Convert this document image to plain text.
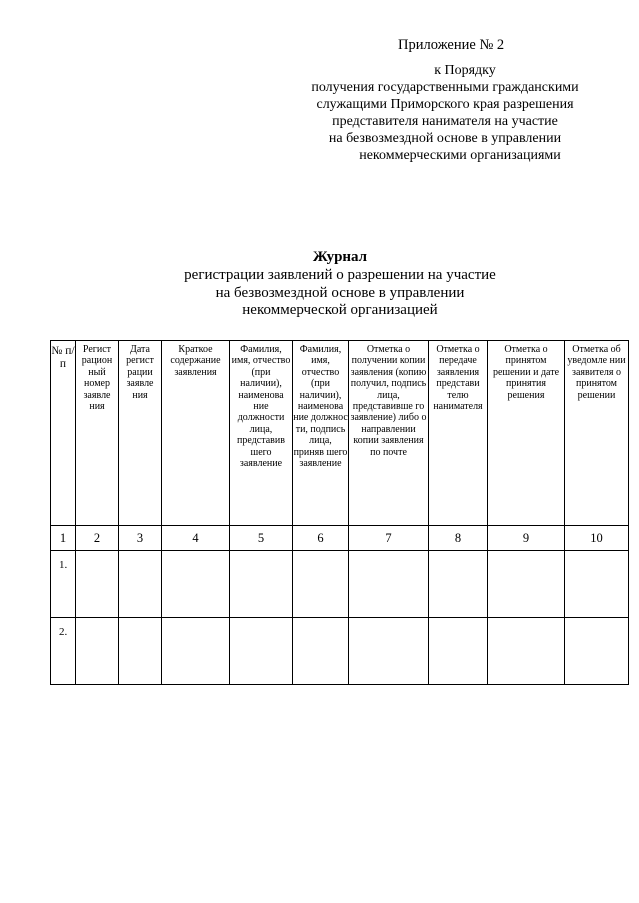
Приложение № 2
к Порядку
получения государственными гражданскими
служащими Приморского края разрешения
представителя нанимателя на участие
на безвозмездной основе в управлении
некоммерческими организациями
Журнал
регистрации заявлений о разрешении на участие
на безвозмездной основе в управлении
некоммерческой организацией
№ п/п	Регист рацион ный номер заявле ния	Дата регист рации заявле ния	Краткое содержание заявления	Фамилия, имя, отчество (при наличии), наименова ние должности лица, представив шего заявление	Фамилия, имя, отчество (при наличии), наименова ние должнос ти, подпись лица, приняв шего заявление	Отметка о получении копии заявления (копию получил, подпись лица, представивше го заявление) либо о направлении копии заявления по почте	Отметка о передаче заявления представи телю нанимателя	Отметка о принятом решении и дате принятия решения	Отметка об уведомле нии заявителя о принятом решении
1	2	3	4	5	6	7	8	9	10
1.									
2.									
